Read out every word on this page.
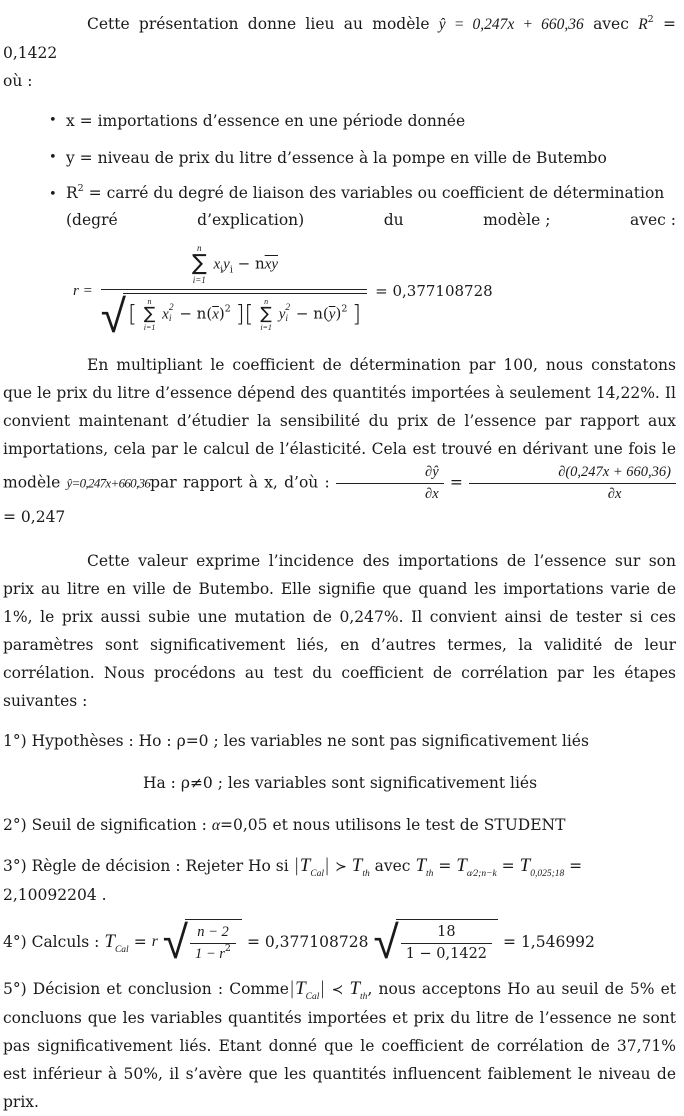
Cette présentation donne lieu au modèle ŷ = 0,247x + 660,36 avec $R^2 = 0,1422$
où :
• x = importations d’essence en une période donnée
• y = niveau de prix du litre d’essence à la pompe en ville de Butembo
• $R^2$ = carré du degré de liaison des variables ou coefficient de détermination
(degré	d’explication)	du	modèle ;	avec :
r =
n
∑
i=1
$x_iy_i - n\overline{xy}$
√ [
n
∑
i=1
x 2
$i - n(\overline{x})^2$ ][
n
∑
i=1
y 2
$i - n(\overline{y})^2$ ]
= 0,377108728
En multipliant le coefficient de détermination par 100, nous constatons que le prix du litre d’essence dépend des quantités importées à seulement 14,22%. Il convient maintenant d’étudier la sensibilité du prix de l’essence par rapport aux importations, cela par le calcul de l’élasticité. Cela est trouvé en dérivant une fois le modèle ŷ=0,247x+660,36par rapport à x, d’où : $\frac{\partial ŷ}{\partial x} = \frac{\partial(0,247x + 660,36)}{\partial x}$
= 0,247
Cette valeur exprime l’incidence des importations de l’essence sur son prix au litre en ville de Butembo. Elle signifie que quand les importations varie de 1%, le prix aussi subie une mutation de 0,247%. Il convient ainsi de tester si ces paramètres sont significativement liés, en d’autres termes, la validité de leur corrélation. Nous procédons au test du coefficient de corrélation par les étapes suivantes :
1°) Hypothèses : Ho : ρ=0 ; les variables ne sont pas significativement liés
Ha : ρ≠0 ; les variables sont significativement liés
2°) Seuil de signification : α=0,05 et nous utilisons le test de STUDENT
3°) Règle de décision : Rejeter Ho si $|T_{Cal}|$ ≻ $T_{th}$ avec $T_{th} = T_{\alpha∕2;n-k} = T_{0,025;18} = 2,10092204$ .
4°) Calculs : $T_{Cal} = r$ √ $\frac{n - 2}{1 - r^2} = 0,377108728$ √ $\frac{18}{1 - 0,1422} = 1,546992$
5°) Décision et conclusion : $Comme|T_{Cal}|$ ≺ $T_{th}$, nous acceptons Ho au seuil de 5% et concluons que les variables quantités importées et prix du litre de l’essence ne sont pas significativement liés. Etant donné que le coefficient de corrélation de 37,71% est inférieur à 50%, il s’avère que les quantités influencent faiblement le niveau de prix.
